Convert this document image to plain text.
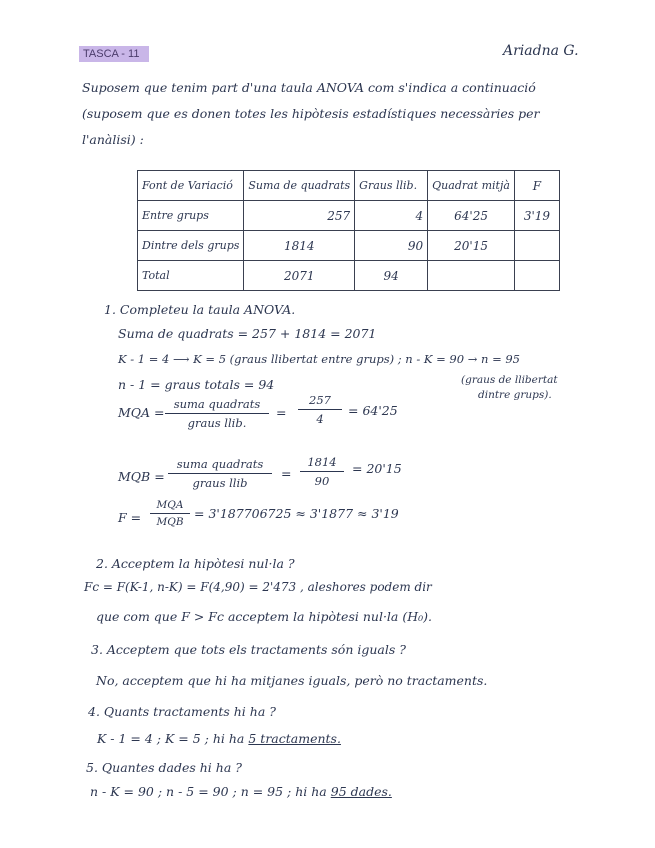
TASCA - 11	Ariadna G.
Suposem que tenim part d'una taula ANOVA com s'indica a continuació
(suposem que es donen totes les hipòtesis estadístiques necessàries per
l'anàlisi) :
Font de Variació	Suma de quadrats	Graus llib.	Quadrat mitjà	F
Entre grups	257	4	64'25	3'19
Dintre dels grups	1814	90	20'15	
Total	2071	94		
1. Completeu la taula ANOVA.
Suma de quadrats = 257 + 1814 = 2071
K - 1 = 4 ⟶ K = 5 (graus llibertat entre grups) ; n - K = 90 → n = 95
(graus de llibertat
dintre grups).
n - 1 = graus totals = 94
MQA =
suma quadrats
graus llib.
=
257
4
= 64'25
MQB =
suma quadrats
graus llib
=
1814
90
= 20'15
F =
MQA
MQB
= 3'187706725 ≈ 3'1877 ≈ 3'19
2. Acceptem la hipòtesi nul·la ?
Fc = F(K-1, n-K) = F(4,90) = 2'473 , aleshores podem dir
que com que F > Fc acceptem la hipòtesi nul·la (H₀).
3. Acceptem que tots els tractaments són iguals ?
No, acceptem que hi ha mitjanes iguals, però no tractaments.
4. Quants tractaments hi ha ?
K - 1 = 4 ; K = 5 ; hi ha 5 tractaments.
5. Quantes dades hi ha ?
n - K = 90 ; n - 5 = 90 ; n = 95 ; hi ha 95 dades.
